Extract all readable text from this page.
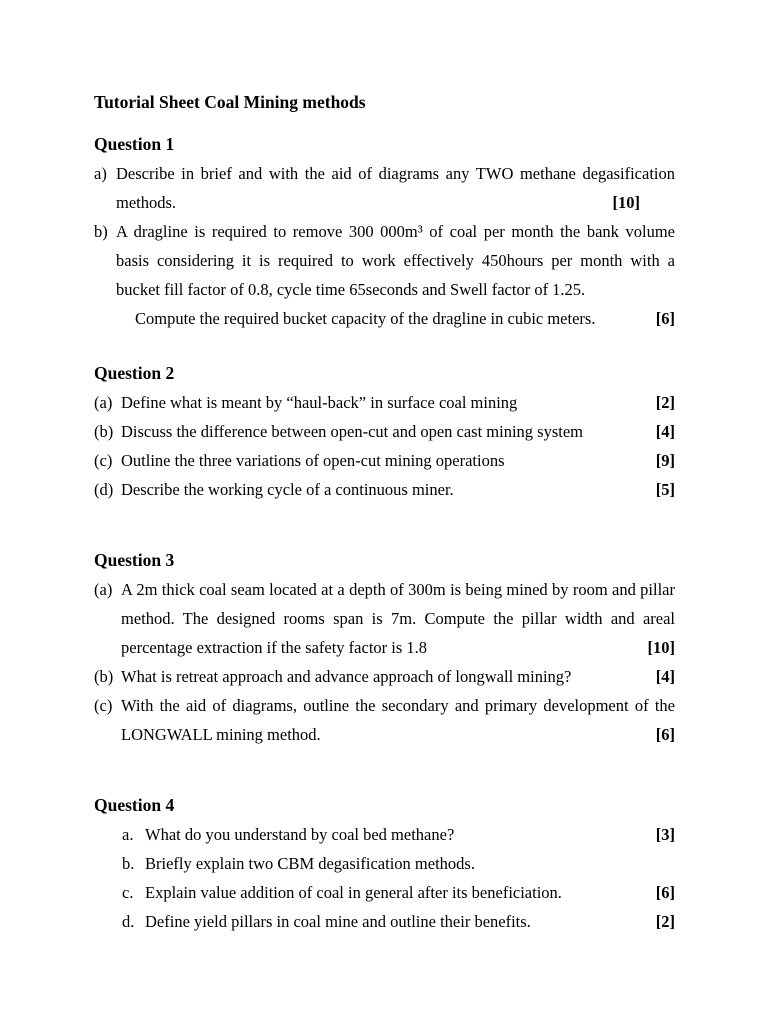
Tutorial Sheet Coal Mining methods

Question 1

a) Describe in brief and with the aid of diagrams any TWO methane degasification methods.	[10]
b) A dragline is required to remove 300 000m³ of coal per month the bank volume basis considering it is required to work effectively 450hours per month with a bucket fill factor of 0.8, cycle time 65seconds and Swell factor of 1.25.

Compute the required bucket capacity of the dragline in cubic meters.	[6]

Question 2

(a) Define what is meant by “haul-back” in surface coal mining	[2]
(b) Discuss the difference between open-cut and open cast mining system	[4]
(c) Outline the three variations of open-cut mining operations	[9]
(d) Describe the working cycle of a continuous miner.	[5]

Question 3

(a) A 2m thick coal seam located at a depth of 300m is being mined by room and pillar method. The designed rooms span is 7m. Compute the pillar width and areal percentage extraction if the safety factor is 1.8	[10]
(b) What is retreat approach and advance approach of longwall mining?	[4]
(c) With the aid of diagrams, outline the secondary and primary development of the LONGWALL mining method.	[6]

Question 4

a. What do you understand by coal bed methane?	[3]
b. Briefly explain two CBM degasification methods.
c. Explain value addition of coal in general after its beneficiation.	[6]
d. Define yield pillars in coal mine and outline their benefits.	[2]
